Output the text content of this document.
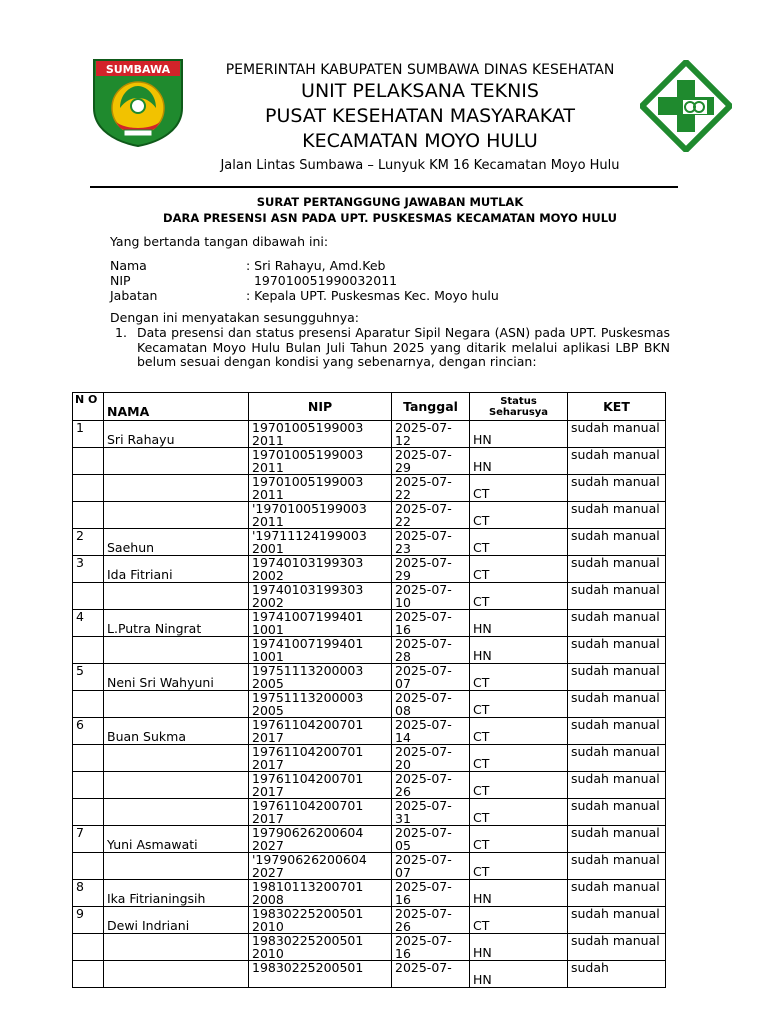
SUMBAWA	PEMERINTAH KABUPATEN SUMBAWA DINAS KESEHATAN
UNIT PELAKSANA TEKNIS
PUSAT KESEHATAN MASYARAKAT
KECAMATAN MOYO HULU
Jalan Lintas Sumbawa – Lunyuk KM 16 Kecamatan Moyo Hulu
SURAT PERTANGGUNG JAWABAN MUTLAK
DARA PRESENSI ASN PADA UPT. PUSKESMAS KECAMATAN MOYO HULU
Yang bertanda tangan dibawah ini:
Nama	: Sri Rahayu, Amd.Keb
NIP	197010051990032011
Jabatan	: Kepala UPT. Puskesmas Kec. Moyo hulu
Dengan ini menyatakan sesungguhnya:
1. Data presensi dan status presensi Aparatur Sipil Negara (ASN) pada UPT. Puskesmas Kecamatan Moyo Hulu Bulan Juli Tahun 2025 yang ditarik melalui aplikasi LBP BKN belum sesuai dengan kondisi yang sebenarnya, dengan rincian:
N O	NAMA	NIP	Tanggal	Status Seharusya	KET
1	Sri Rahayu	19701005199003 2011	2025-07- 12	HN	sudah manual
		19701005199003 2011	2025-07- 29	HN	sudah manual
		19701005199003 2011	2025-07- 22	CT	sudah manual
		'19701005199003 2011	2025-07- 22	CT	sudah manual
2	Saehun	'19711124199003 2001	2025-07- 23	CT	sudah manual
3	Ida Fitriani	19740103199303 2002	2025-07- 29	CT	sudah manual
		19740103199303 2002	2025-07- 10	CT	sudah manual
4	L.Putra Ningrat	19741007199401 1001	2025-07- 16	HN	sudah manual
		19741007199401 1001	2025-07- 28	HN	sudah manual
5	Neni Sri Wahyuni	19751113200003 2005	2025-07- 07	CT	sudah manual
		19751113200003 2005	2025-07- 08	CT	sudah manual
6	Buan Sukma	19761104200701 2017	2025-07- 14	CT	sudah manual
		19761104200701 2017	2025-07- 20	CT	sudah manual
		19761104200701 2017	2025-07- 26	CT	sudah manual
		19761104200701 2017	2025-07- 31	CT	sudah manual
7	Yuni Asmawati	19790626200604 2027	2025-07- 05	CT	sudah manual
		'19790626200604 2027	2025-07- 07	CT	sudah manual
8	Ika Fitrianingsih	19810113200701 2008	2025-07- 16	HN	sudah manual
9	Dewi Indriani	19830225200501 2010	2025-07- 26	CT	sudah manual
		19830225200501 2010	2025-07- 16	HN	sudah manual
		19830225200501	2025-07-	HN	sudah
